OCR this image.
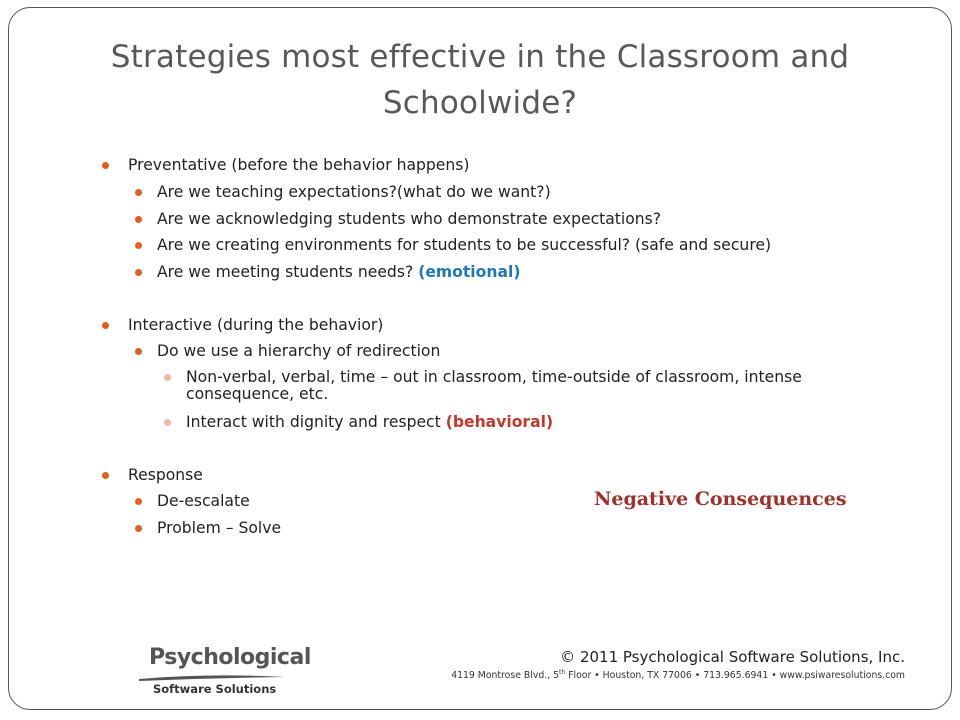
Strategies most effective in the Classroom and
Schoolwide?
Preventative (before the behavior happens)
Are we teaching expectations?(what do we want?)
Are we acknowledging students who demonstrate expectations?
Are we creating environments for students to be successful? (safe and secure)
Are we meeting students needs? (emotional)
Interactive (during the behavior)
Do we use a hierarchy of redirection
Non-verbal, verbal, time – out in classroom, time-outside of classroom, intense
consequence, etc.
Interact with dignity and respect (behavioral)
Response
De-escalate
Problem – Solve
Negative Consequences
Psychological
Software Solutions
© 2011 Psychological Software Solutions, Inc.
4119 Montrose Blvd., 5th Floor • Houston, TX 77006 • 713.965.6941 • www.psiwaresolutions.com
